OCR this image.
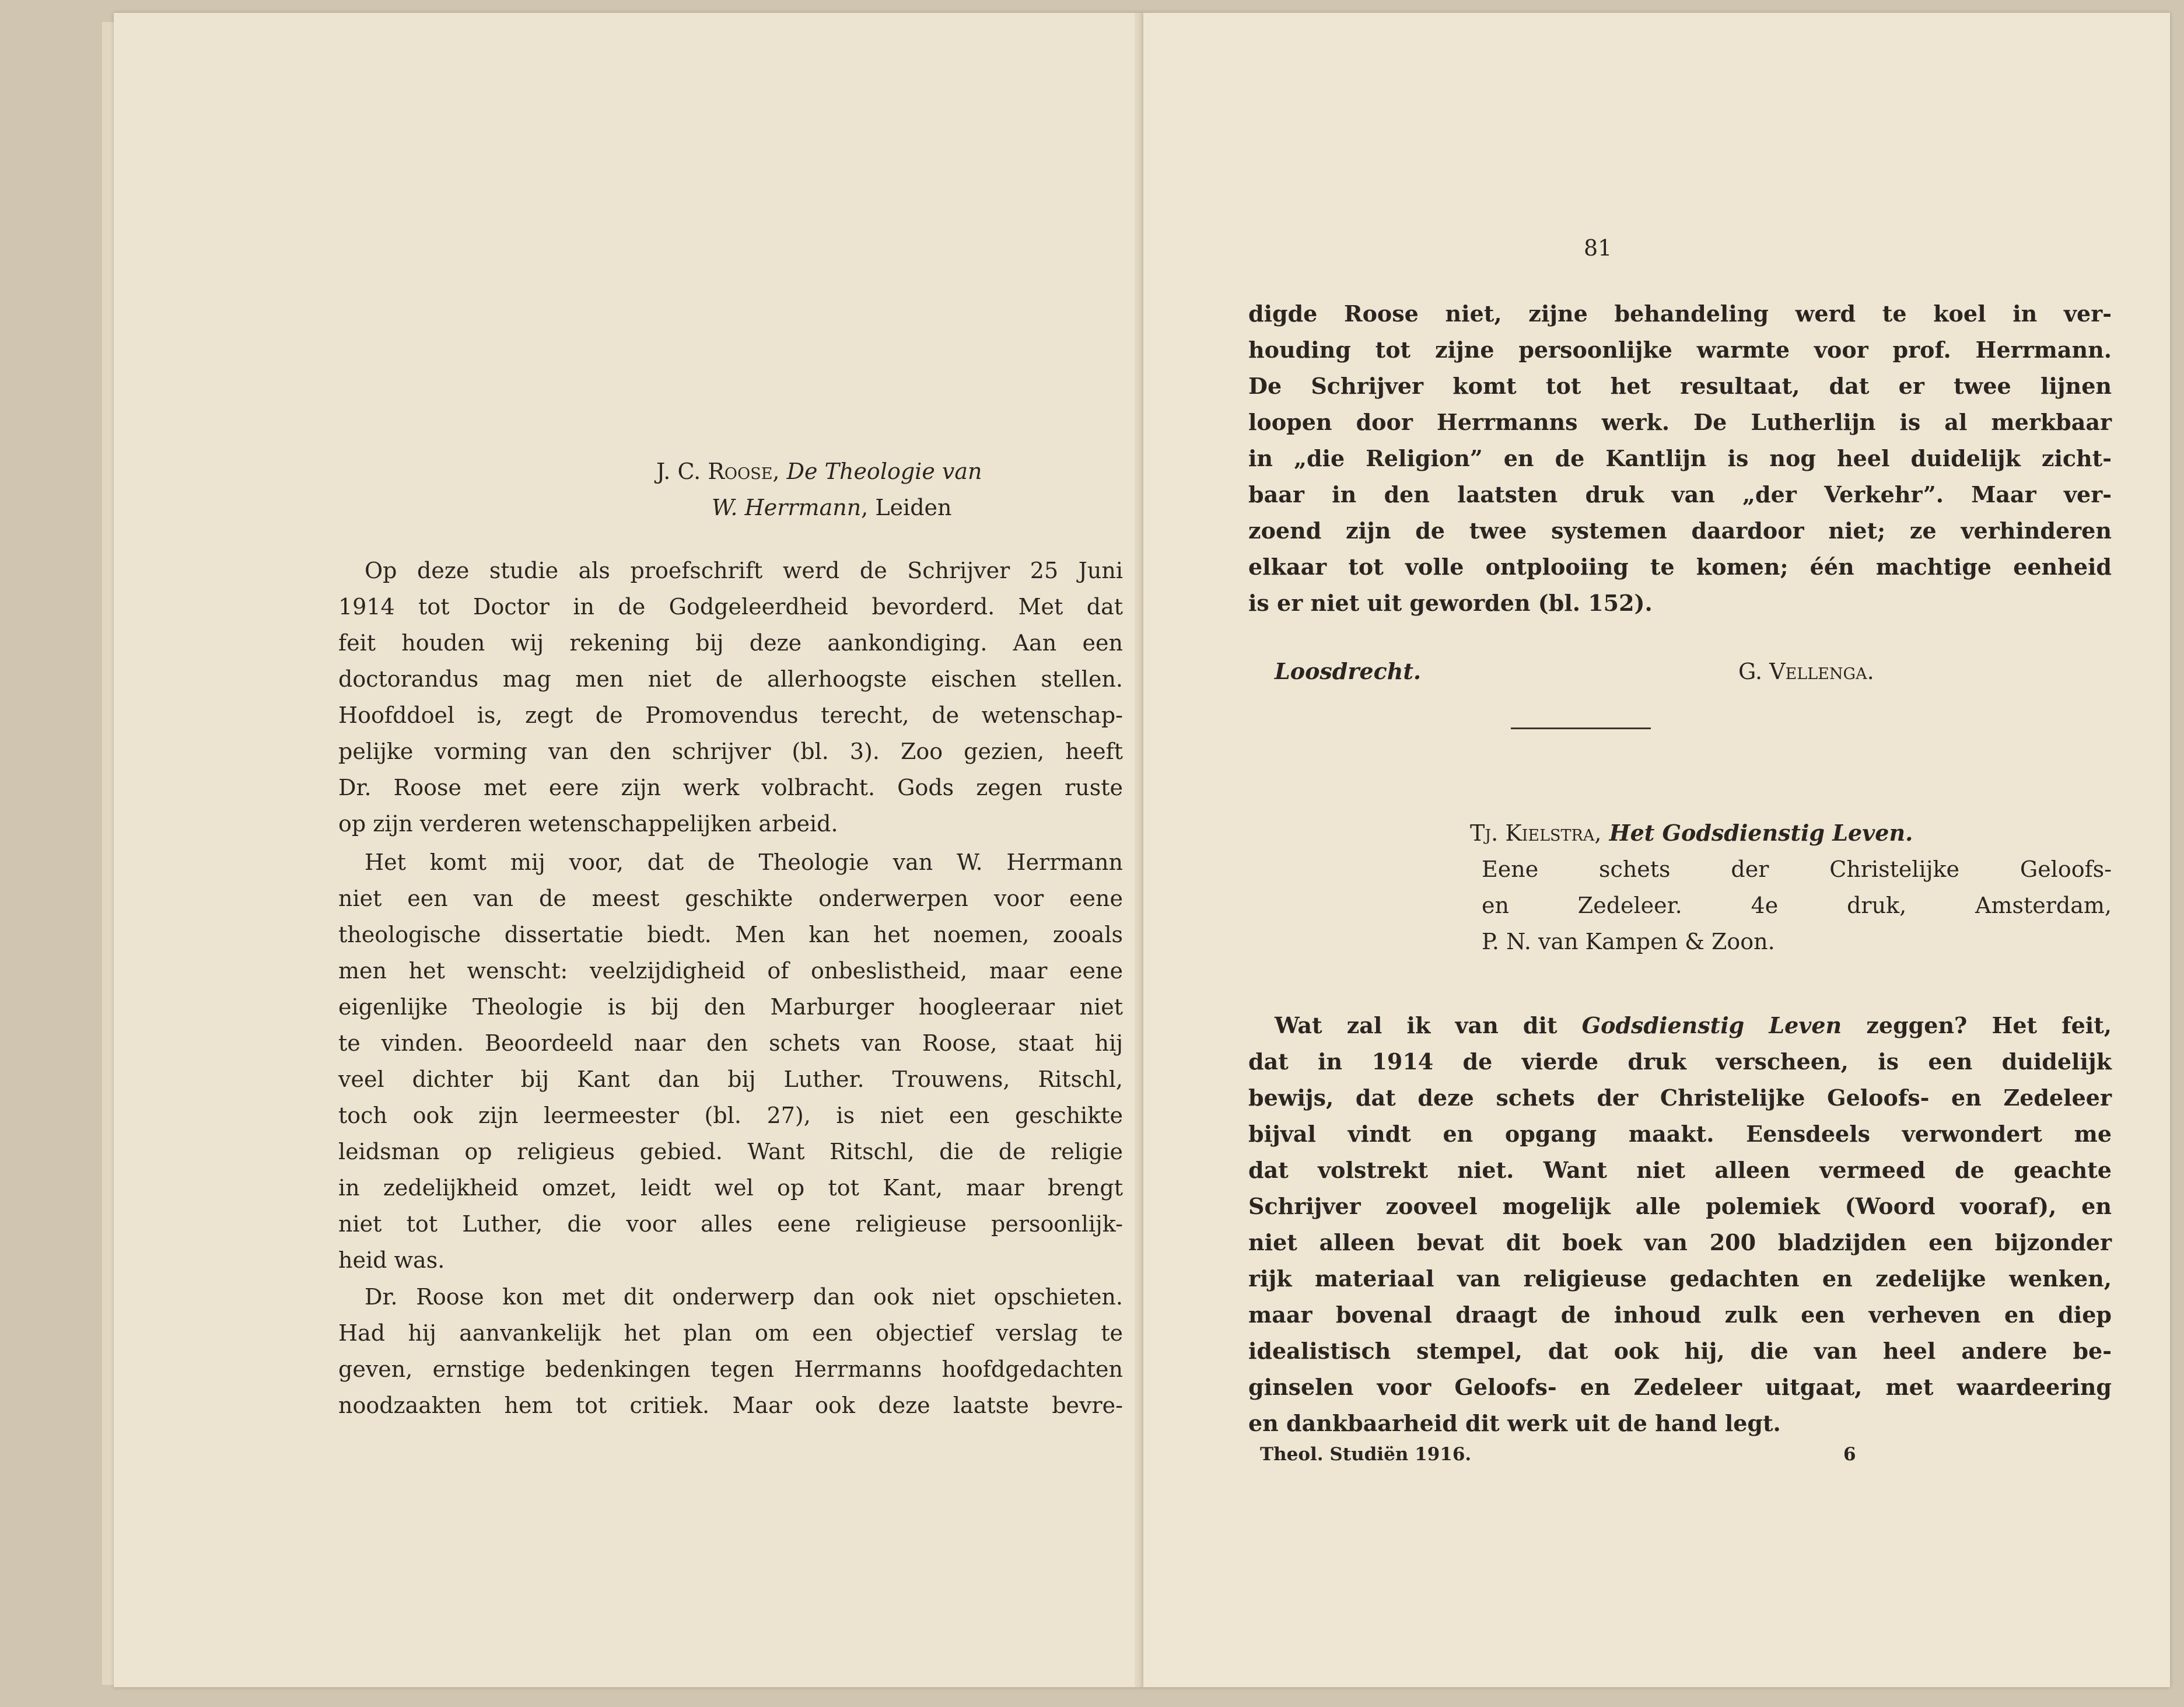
J. C. Roose, De Theologie van
W. Herrmann, Leiden
Op deze studie als proefschrift werd de Schrijver 25 Juni
1914 tot Doctor in de Godgeleerdheid bevorderd. Met dat
feit houden wij rekening bij deze aankondiging. Aan een
doctorandus mag men niet de allerhoogste eischen stellen.
Hoofddoel is, zegt de Promovendus terecht, de wetenschap-
pelijke vorming van den schrijver (bl. 3). Zoo gezien, heeft
Dr. Roose met eere zijn werk volbracht. Gods zegen ruste
op zijn verderen wetenschappelijken arbeid.
Het komt mij voor, dat de Theologie van W. Herrmann
niet een van de meest geschikte onderwerpen voor eene
theologische dissertatie biedt. Men kan het noemen, zooals
men het wenscht: veelzijdigheid of onbeslistheid, maar eene
eigenlijke Theologie is bij den Marburger hoogleeraar niet
te vinden. Beoordeeld naar den schets van Roose, staat hij
veel dichter bij Kant dan bij Luther. Trouwens, Ritschl,
toch ook zijn leermeester (bl. 27), is niet een geschikte
leidsman op religieus gebied. Want Ritschl, die de religie
in zedelijkheid omzet, leidt wel op tot Kant, maar brengt
niet tot Luther, die voor alles eene religieuse persoonlijk-
heid was.
Dr. Roose kon met dit onderwerp dan ook niet opschieten.
Had hij aanvankelijk het plan om een objectief verslag te
geven, ernstige bedenkingen tegen Herrmanns hoofdgedachten
noodzaakten hem tot critiek. Maar ook deze laatste bevre-
81
digde Roose niet, zijne behandeling werd te koel in ver-
houding tot zijne persoonlijke warmte voor prof. Herrmann.
De Schrijver komt tot het resultaat, dat er twee lijnen
loopen door Herrmanns werk. De Lutherlijn is al merkbaar
in „die Religion” en de Kantlijn is nog heel duidelijk zicht-
baar in den laatsten druk van „der Verkehr”. Maar ver-
zoend zijn de twee systemen daardoor niet; ze verhinderen
elkaar tot volle ontplooiing te komen; één machtige eenheid
is er niet uit geworden (bl. 152).
Loosdrecht.	G. Vellenga.
Tj. Kielstra, Het Godsdienstig Leven.
Eene schets der Christelijke Geloofs-
en Zedeleer. 4e druk, Amsterdam,
P. N. van Kampen & Zoon.
Wat zal ik van dit Godsdienstig Leven zeggen? Het feit,
dat in 1914 de vierde druk verscheen, is een duidelijk
bewijs, dat deze schets der Christelijke Geloofs- en Zedeleer
bijval vindt en opgang maakt. Eensdeels verwondert me
dat volstrekt niet. Want niet alleen vermeed de geachte
Schrijver zooveel mogelijk alle polemiek (Woord vooraf), en
niet alleen bevat dit boek van 200 bladzijden een bijzonder
rijk materiaal van religieuse gedachten en zedelijke wenken,
maar bovenal draagt de inhoud zulk een verheven en diep
idealistisch stempel, dat ook hij, die van heel andere be-
ginselen voor Geloofs- en Zedeleer uitgaat, met waardeering
en dankbaarheid dit werk uit de hand legt.
Theol. Studiën 1916.	6
